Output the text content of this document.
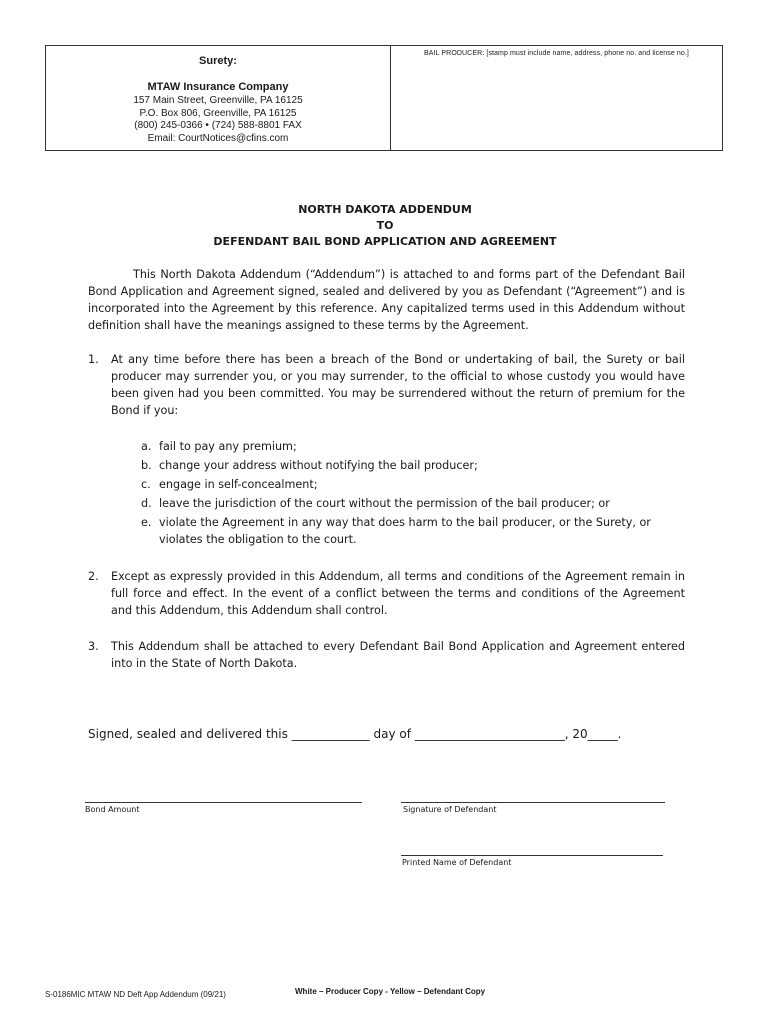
Surety:
MTAW Insurance Company
157 Main Street, Greenville, PA 16125
P.O. Box 806, Greenville, PA 16125
(800) 245-0366 • (724) 588-8801 FAX
Email: CourtNotices@cfins.com
BAIL PRODUCER: [stamp must include name, address, phone no. and license no.]
NORTH DAKOTA ADDENDUM
TO
DEFENDANT BAIL BOND APPLICATION AND AGREEMENT
This North Dakota Addendum (“Addendum”) is attached to and forms part of the Defendant Bail Bond Application and Agreement signed, sealed and delivered by you as Defendant (“Agreement”) and is incorporated into the Agreement by this reference. Any capitalized terms used in this Addendum without definition shall have the meanings assigned to these terms by the Agreement.
1.	At any time before there has been a breach of the Bond or undertaking of bail, the Surety or bail producer may surrender you, or you may surrender, to the official to whose custody you would have been given had you been committed. You may be surrendered without the return of premium for the Bond if you:
a. fail to pay any premium;
b. change your address without notifying the bail producer;
c. engage in self-concealment;
d. leave the jurisdiction of the court without the permission of the bail producer; or
e. violate the Agreement in any way that does harm to the bail producer, or the Surety, or violates the obligation to the court.
2.	Except as expressly provided in this Addendum, all terms and conditions of the Agreement remain in full force and effect. In the event of a conflict between the terms and conditions of the Agreement and this Addendum, this Addendum shall control.
3.	This Addendum shall be attached to every Defendant Bail Bond Application and Agreement entered into in the State of North Dakota.
Signed, sealed and delivered this _____________ day of _________________________, 20_____.
Bond Amount	Signature of Defendant
Printed Name of Defendant
S-0186MIC MTAW ND Deft App Addendum (09/21)	White – Producer Copy - Yellow – Defendant Copy
